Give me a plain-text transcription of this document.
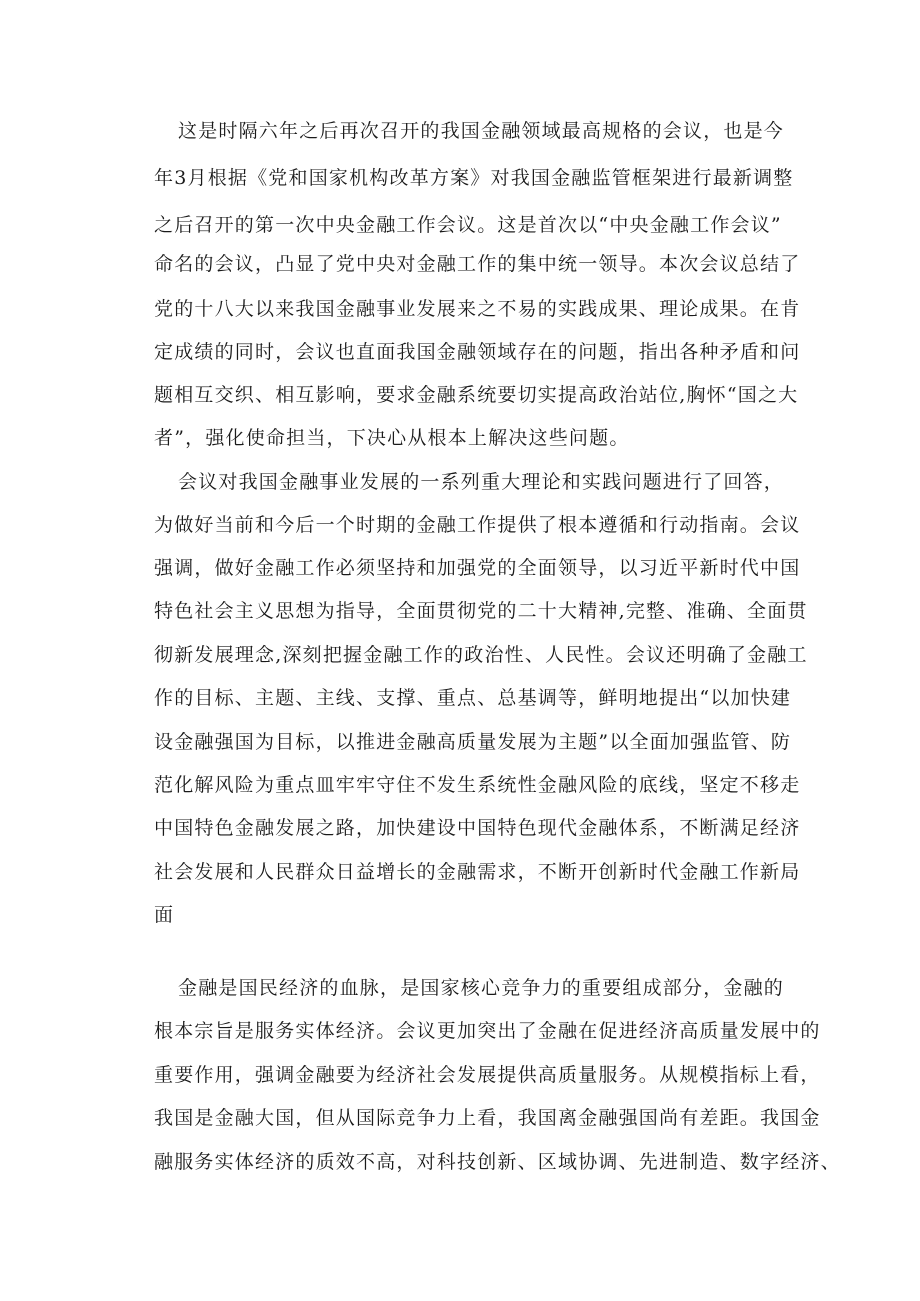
这是时隔六年之后再次召开的我国金融领域最高规格的会议，也是今

年3月根据《党和国家机构改革方案》对我国金融监管框架进行最新调整

之后召开的第一次中央金融工作会议。这是首次以“中央金融工作会议”

命名的会议，凸显了党中央对金融工作的集中统一领导。本次会议总结了

党的十八大以来我国金融事业发展来之不易的实践成果、理论成果。在肯

定成绩的同时，会议也直面我国金融领域存在的问题，指出各种矛盾和问

题相互交织、相互影响，要求金融系统要切实提高政治站位,胸怀“国之大

者”，强化使命担当，下决心从根本上解决这些问题。

会议对我国金融事业发展的一系列重大理论和实践问题进行了回答，

为做好当前和今后一个时期的金融工作提供了根本遵循和行动指南。会议

强调，做好金融工作必须坚持和加强党的全面领导，以习近平新时代中国

特色社会主义思想为指导，全面贯彻党的二十大精神,完整、准确、全面贯

彻新发展理念,深刻把握金融工作的政治性、人民性。会议还明确了金融工

作的目标、主题、主线、支撑、重点、总基调等，鲜明地提出“以加快建

设金融强国为目标，以推进金融高质量发展为主题”以全面加强监管、防

范化解风险为重点皿牢牢守住不发生系统性金融风险的底线，坚定不移走

中国特色金融发展之路，加快建设中国特色现代金融体系，不断满足经济

社会发展和人民群众日益增长的金融需求，不断开创新时代金融工作新局

面

金融是国民经济的血脉，是国家核心竞争力的重要组成部分，金融的

根本宗旨是服务实体经济。会议更加突出了金融在促进经济高质量发展中的

重要作用，强调金融要为经济社会发展提供高质量服务。从规模指标上看，

我国是金融大国，但从国际竞争力上看，我国离金融强国尚有差距。我国金

融服务实体经济的质效不高，对科技创新、区域协调、先进制造、数字经济、
